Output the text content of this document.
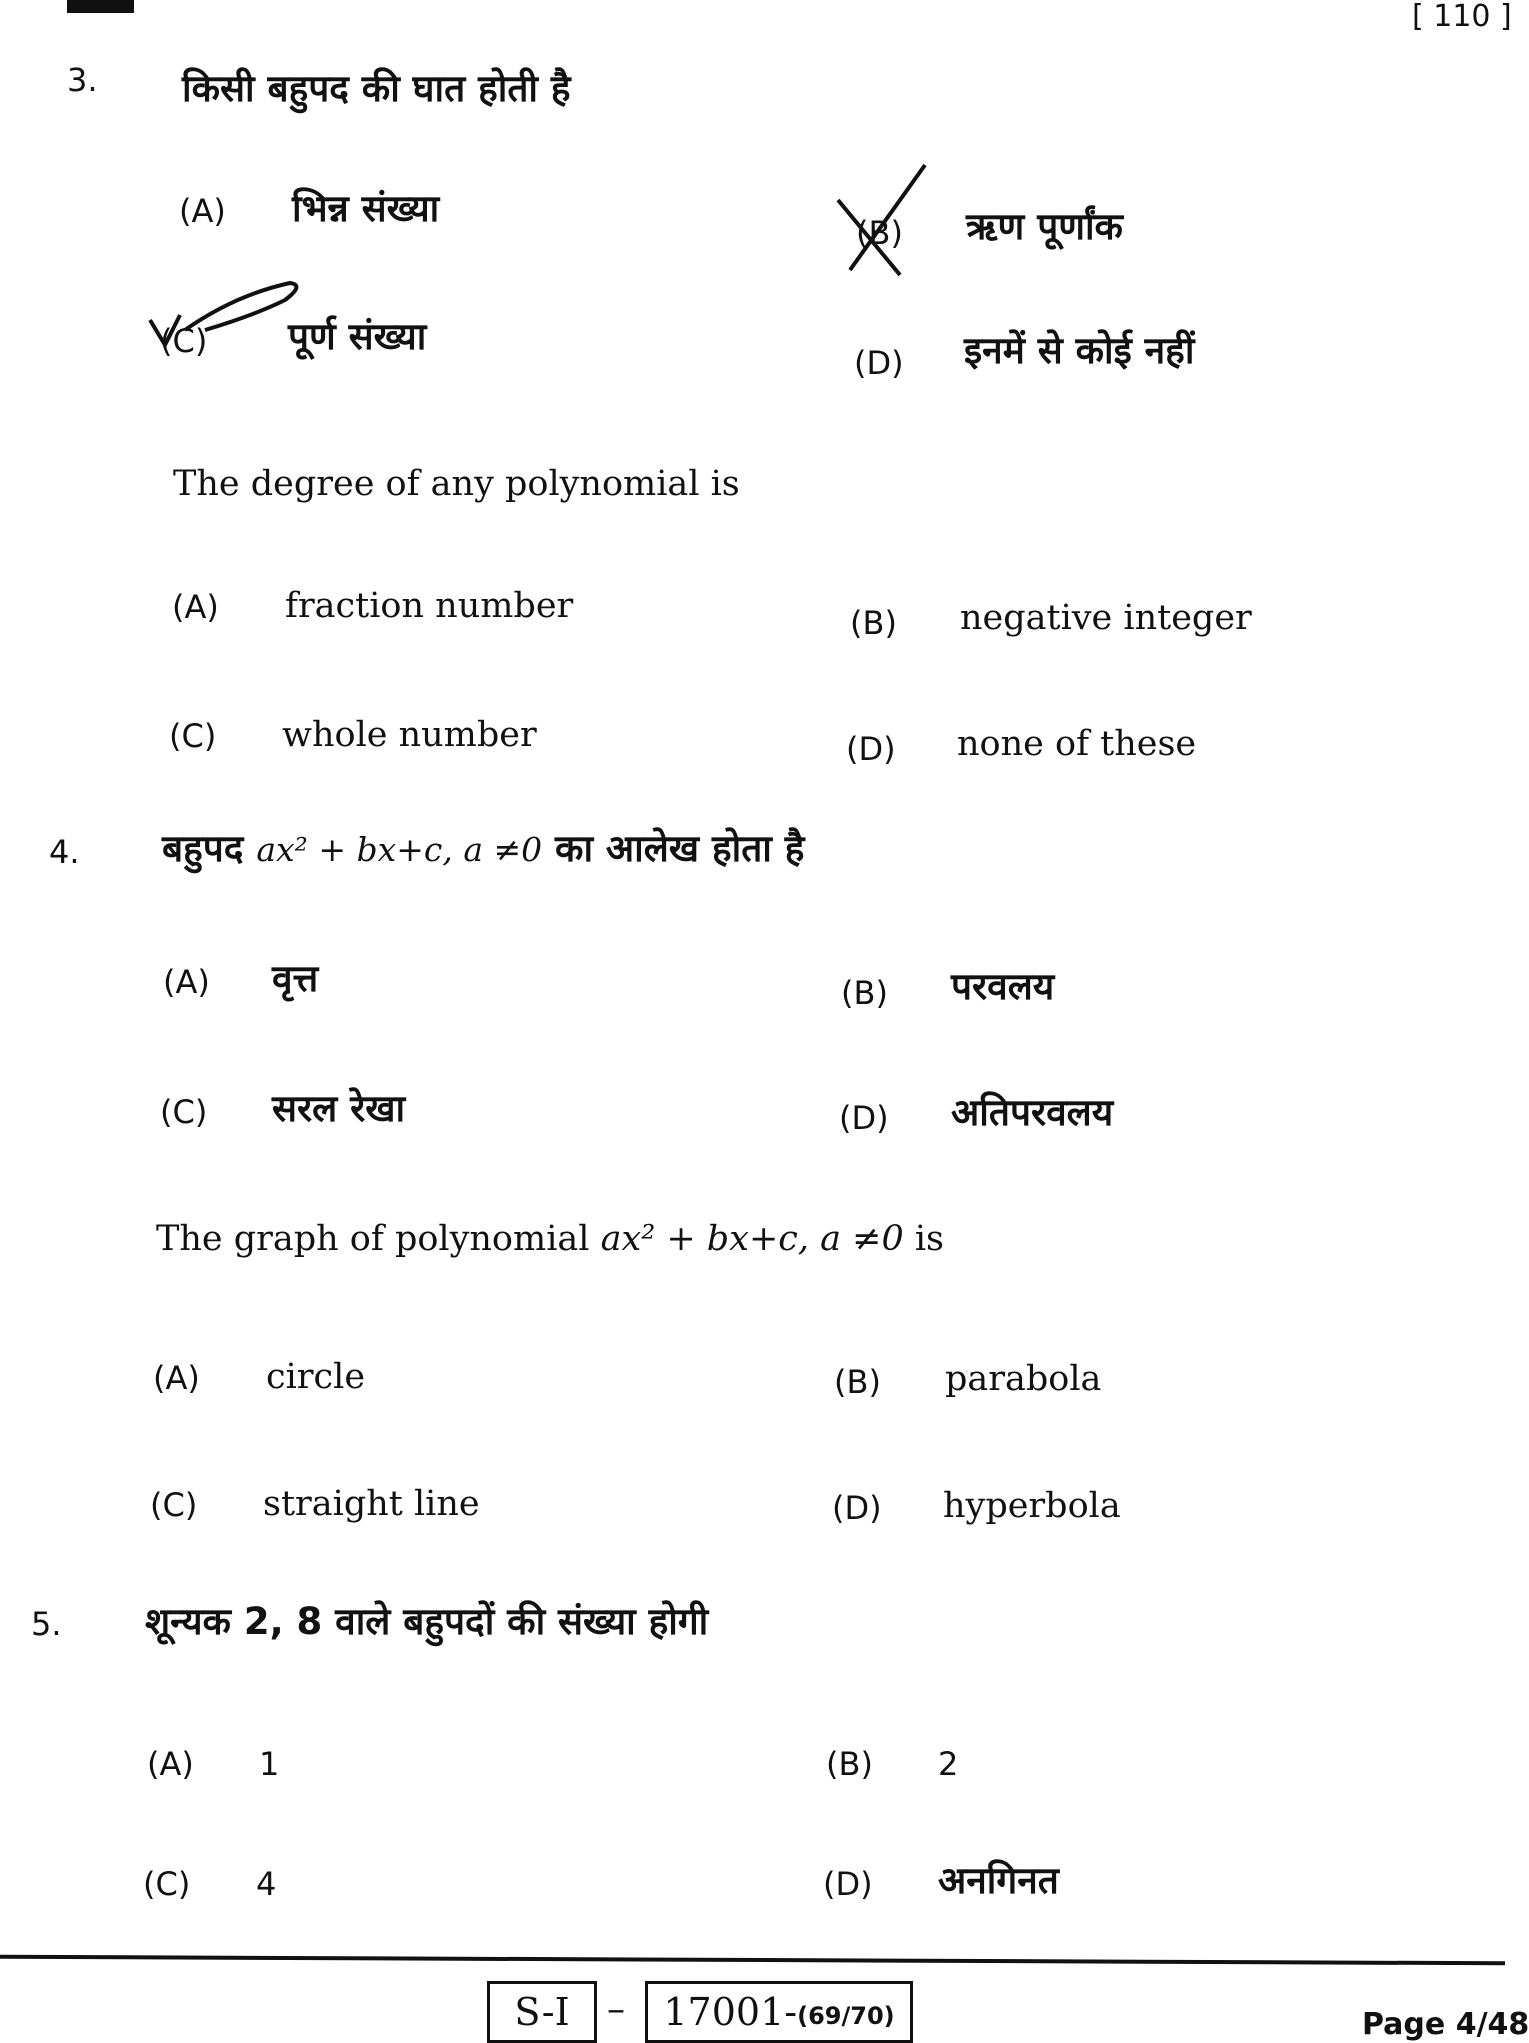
[ 110 ]
3. किसी बहुपद की घात होती है
(A) भिन्न संख्या
(B) ऋण पूर्णांक
(C) पूर्ण संख्या
(D) इनमें से कोई नहीं
The degree of any polynomial is
(A) fraction number	(B) negative integer
(C) whole number	(D) none of these
4. बहुपद ax² + bx+c, a ≠0 का आलेख होता है
(A) वृत्त	(B) परवलय
(C) सरल रेखा	(D) अतिपरवलय
The graph of polynomial ax² + bx+c, a ≠0 is
(A) circle	(B) parabola
(C) straight line	(D) hyperbola
5. शून्यक 2, 8 वाले बहुपदों की संख्या होगी
(A) 1	(B) 2
(C) 4	(D) अनगिनत
S-I – 17001- (69/70)	Page 4/48
